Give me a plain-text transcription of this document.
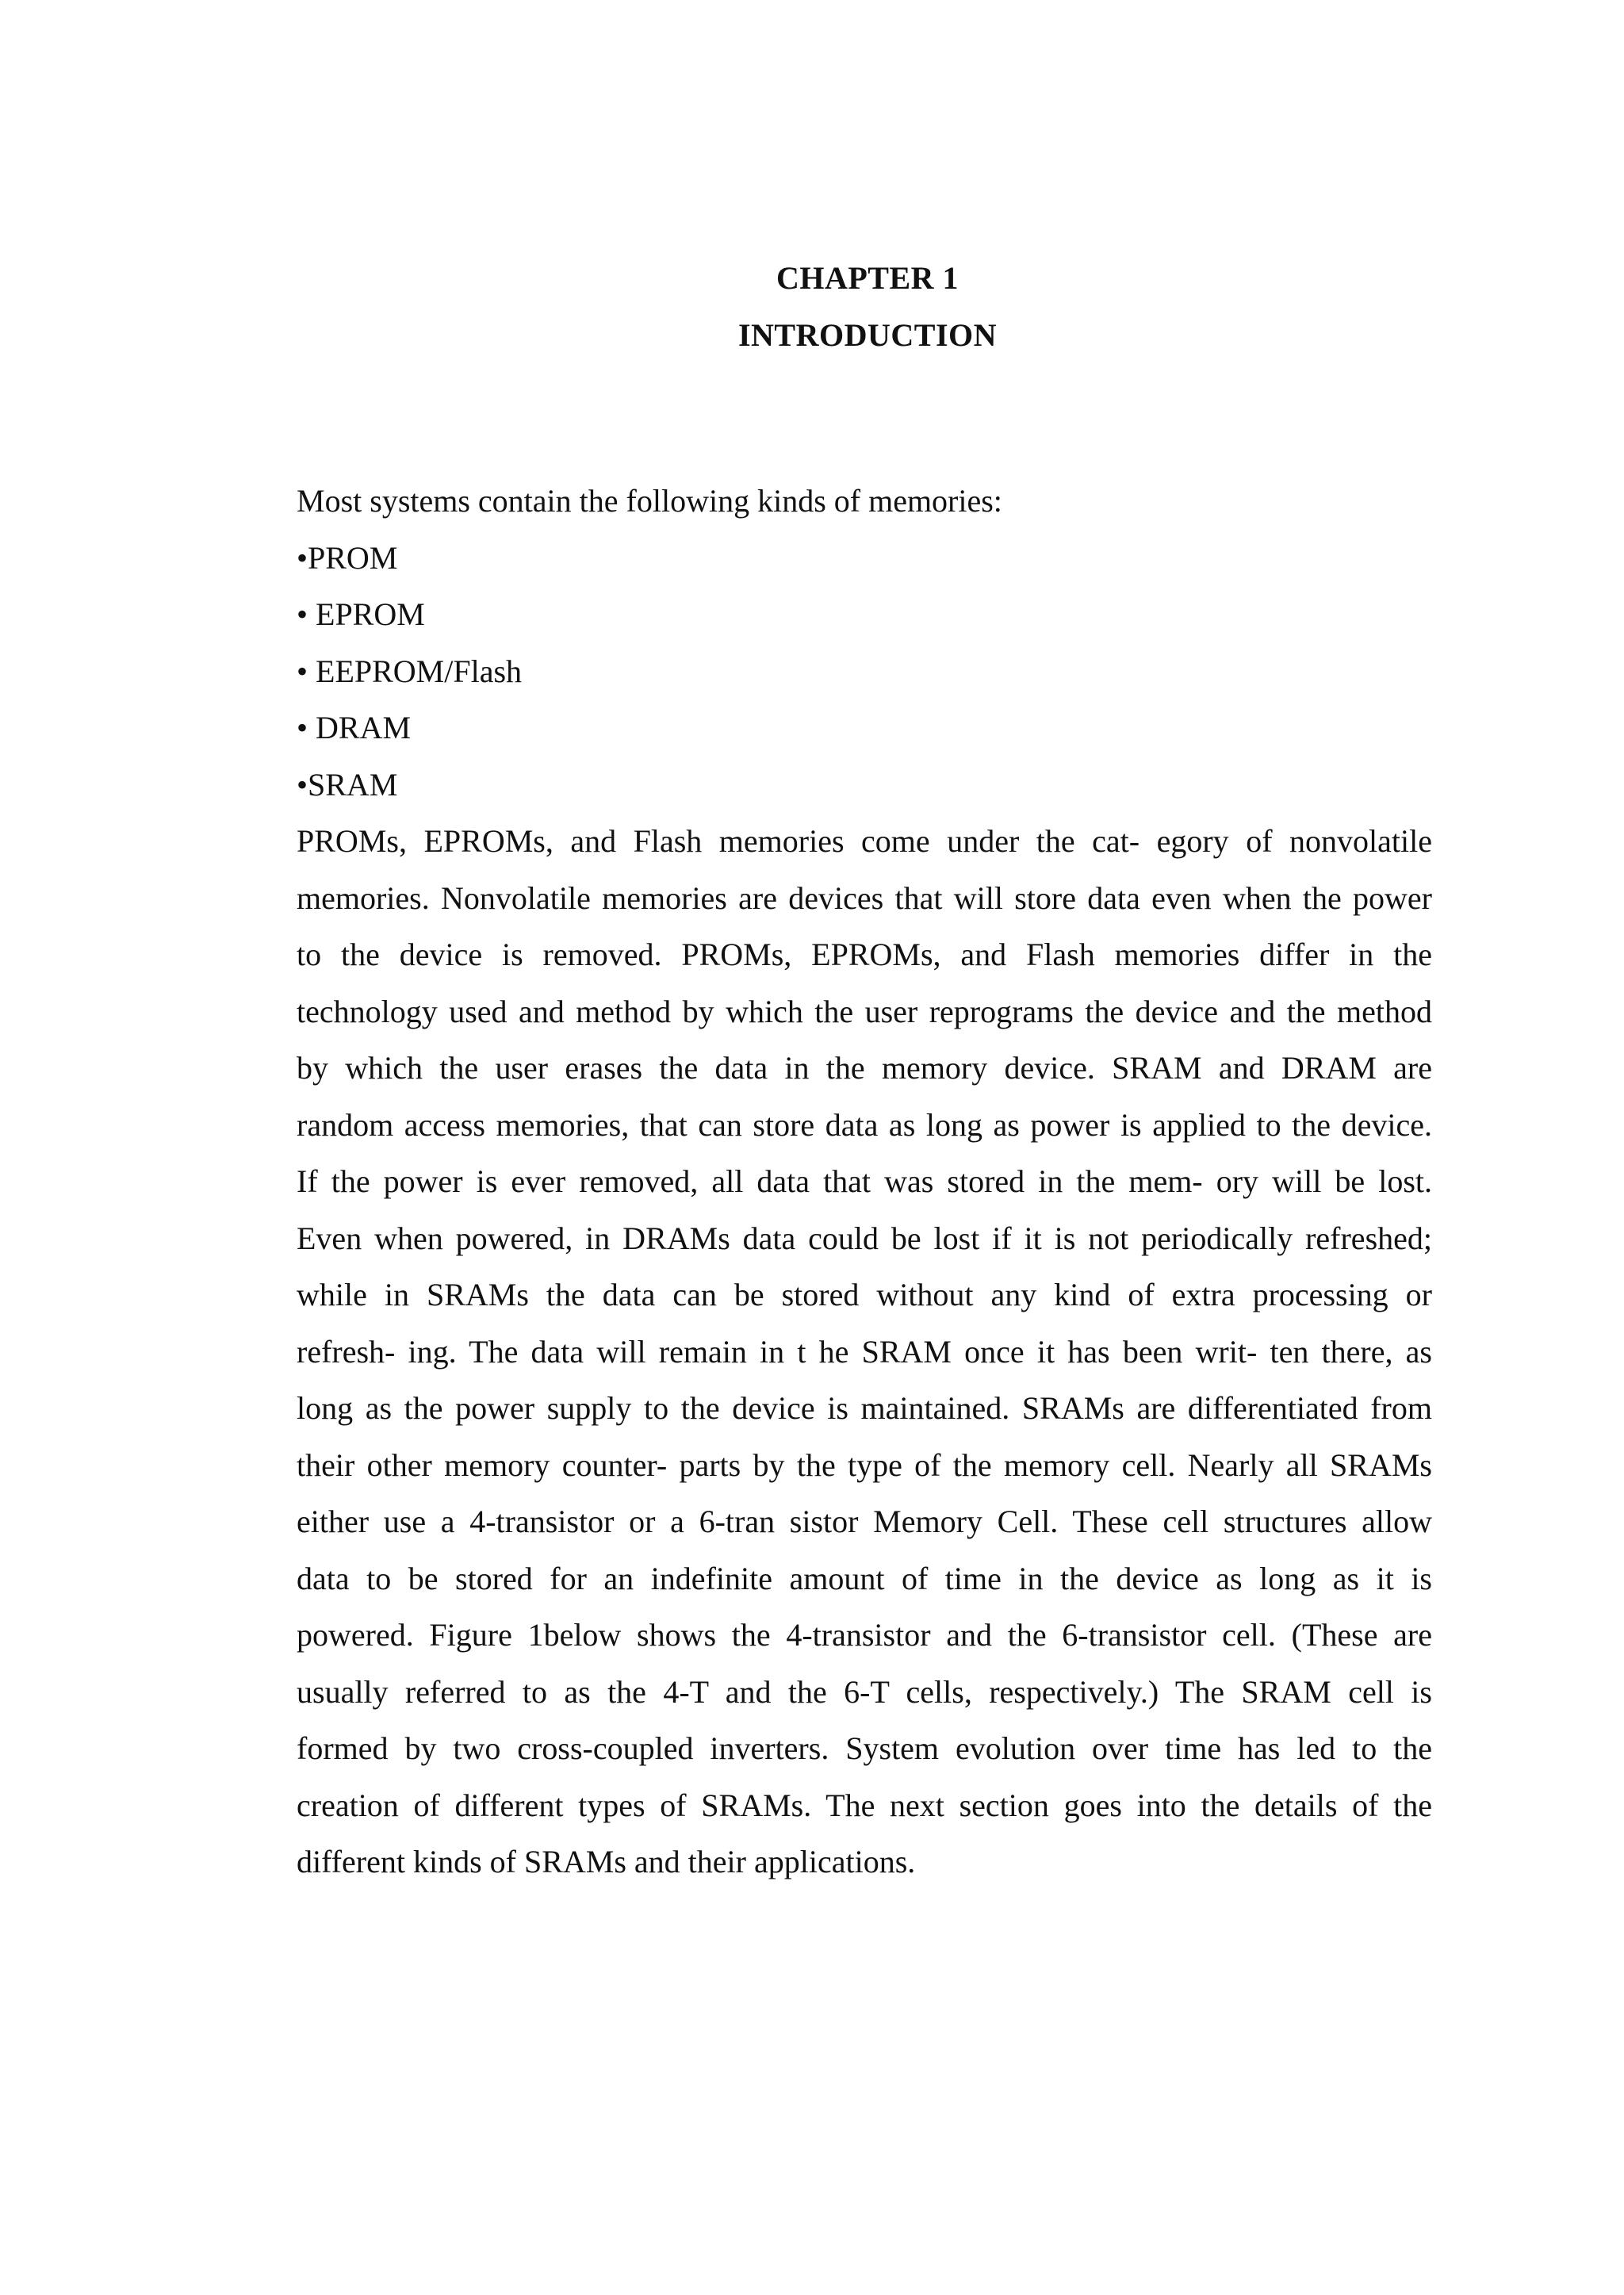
CHAPTER 1
INTRODUCTION
Most systems contain the following kinds of memories:
•PROM
• EPROM
• EEPROM/Flash
• DRAM
•SRAM
PROMs, EPROMs, and Flash memories come under the cat- egory of nonvolatile
memories. Nonvolatile memories are devices that will store data even when the power
to the device is removed. PROMs, EPROMs, and Flash memories differ in the
technology used and method by which the user reprograms the device and the method
by which the user erases the data in the memory device. SRAM and DRAM are
random access memories, that can store data as long as power is applied to the device.
If the power is ever removed, all data that was stored in the mem- ory will be lost.
Even when powered, in DRAMs data could be lost if it is not periodically refreshed;
while in SRAMs the data can be stored without any kind of extra processing or
refresh- ing. The data will remain in t he SRAM once it has been writ- ten there, as
long as the power supply to the device is maintained. SRAMs are differentiated from
their other memory counter- parts by the type of the memory cell. Nearly all SRAMs
either use a 4-transistor or a 6-tran sistor Memory Cell. These cell structures allow
data to be stored for an indefinite amount of time in the device as long as it is
powered. Figure 1below shows the 4-transistor and the 6-transistor cell. (These are
usually referred to as the 4-T and the 6-T cells, respectively.) The SRAM cell is
formed by two cross-coupled inverters. System evolution over time has led to the
creation of different types of SRAMs. The next section goes into the details of the
different kinds of SRAMs and their applications.
